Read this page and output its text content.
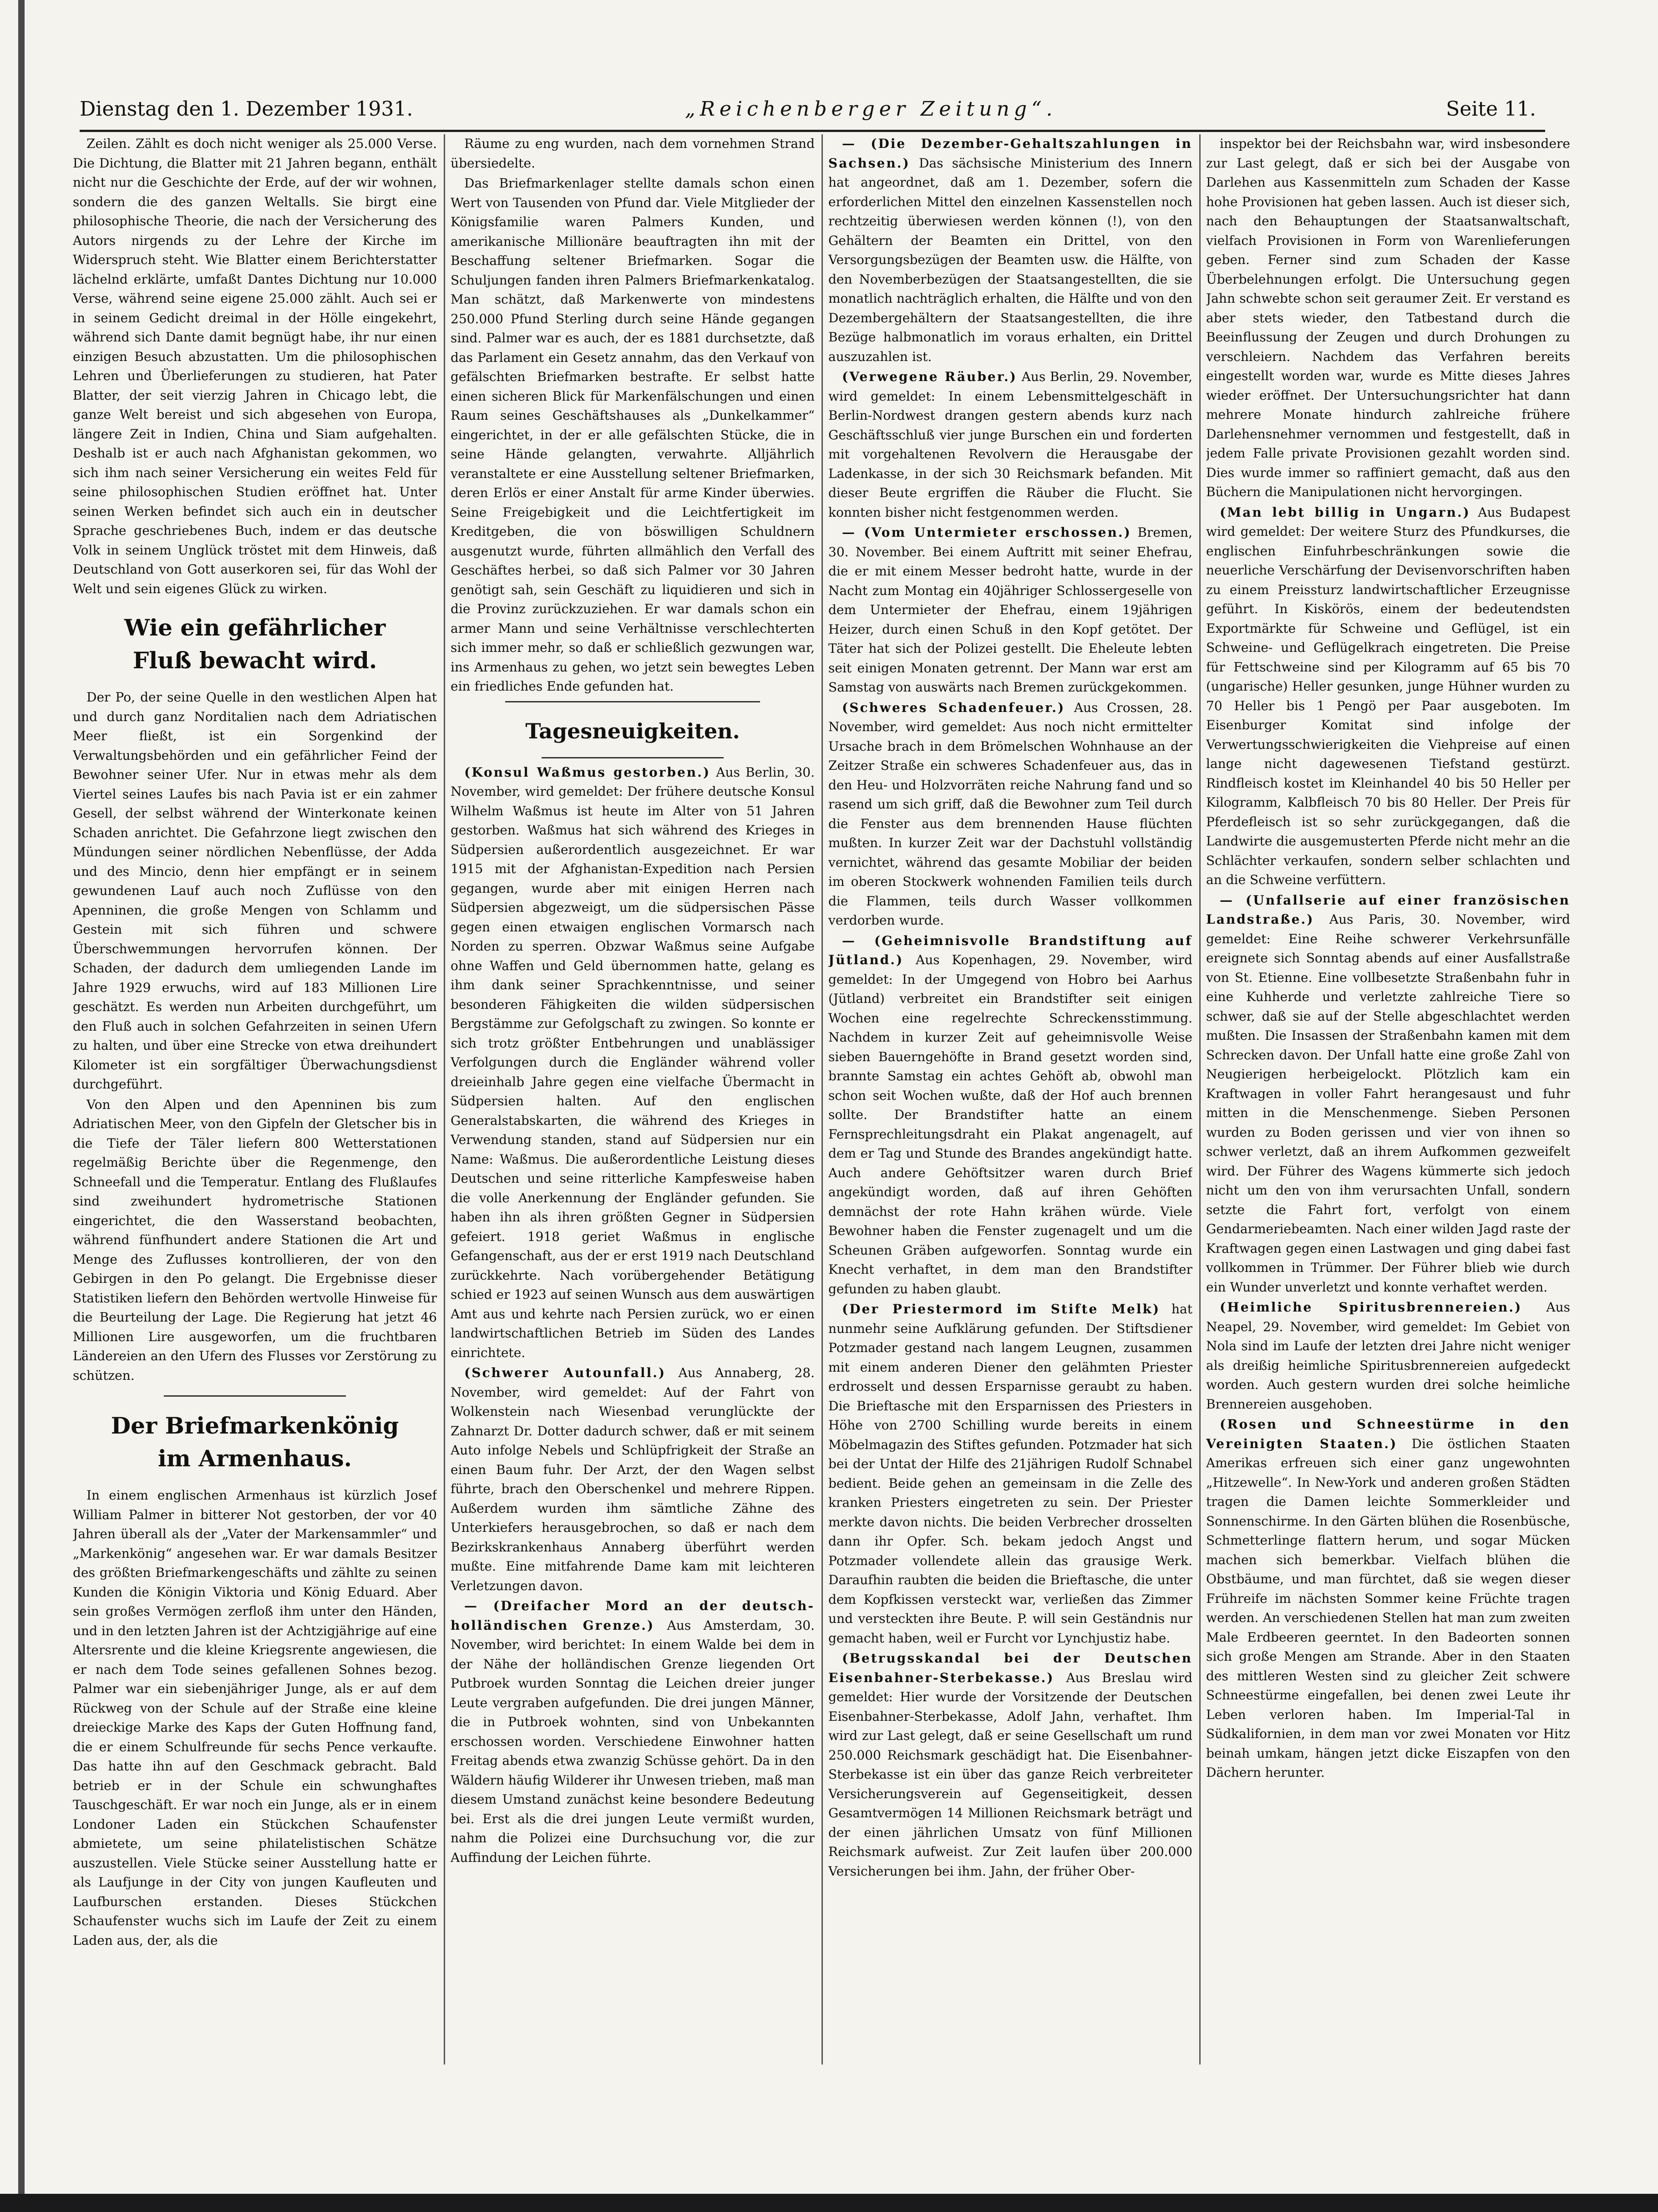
Dienstag den 1. Dezember 1931.	„Reichenberger Zeitung“.	Seite 11.

Zeilen. Zählt es doch nicht weniger als 25.000 Verse. Die Dichtung, die Blatter mit 21 Jahren begann, enthält nicht nur die Geschichte der Erde, auf der wir wohnen, sondern die des ganzen Weltalls. Sie birgt eine philosophische Theorie, die nach der Versicherung des Autors nirgends zu der Lehre der Kirche im Widerspruch steht. Wie Blatter einem Berichterstatter lächelnd erklärte, umfaßt Dantes Dichtung nur 10.000 Verse, während seine eigene 25.000 zählt. Auch sei er in seinem Gedicht dreimal in der Hölle eingekehrt, während sich Dante damit begnügt habe, ihr nur einen einzigen Besuch abzustatten. Um die philosophischen Lehren und Überlieferungen zu studieren, hat Pater Blatter, der seit vierzig Jahren in Chicago lebt, die ganze Welt bereist und sich abgesehen von Europa, längere Zeit in Indien, China und Siam aufgehalten. Deshalb ist er auch nach Afghanistan gekommen, wo sich ihm nach seiner Versicherung ein weites Feld für seine philosophischen Studien eröffnet hat. Unter seinen Werken befindet sich auch ein in deutscher Sprache geschriebenes Buch, indem er das deutsche Volk in seinem Unglück tröstet mit dem Hinweis, daß Deutschland von Gott auserkoren sei, für das Wohl der Welt und sein eigenes Glück zu wirken.

Wie ein gefährlicher
Fluß bewacht wird.

Der Po, der seine Quelle in den westlichen Alpen hat und durch ganz Norditalien nach dem Adriatischen Meer fließt, ist ein Sorgenkind der Verwaltungsbehörden und ein gefährlicher Feind der Bewohner seiner Ufer. Nur in etwas mehr als dem Viertel seines Laufes bis nach Pavia ist er ein zahmer Gesell, der selbst während der Winterkonate keinen Schaden anrichtet. Die Gefahrzone liegt zwischen den Mündungen seiner nördlichen Nebenflüsse, der Adda und des Mincio, denn hier empfängt er in seinem gewundenen Lauf auch noch Zuflüsse von den Apenninen, die große Mengen von Schlamm und Gestein mit sich führen und schwere Überschwemmungen hervorrufen können. Der Schaden, der dadurch dem umliegenden Lande im Jahre 1929 erwuchs, wird auf 183 Millionen Lire geschätzt. Es werden nun Arbeiten durchgeführt, um den Fluß auch in solchen Gefahrzeiten in seinen Ufern zu halten, und über eine Strecke von etwa dreihundert Kilometer ist ein sorgfältiger Überwachungsdienst durchgeführt.

Von den Alpen und den Apenninen bis zum Adriatischen Meer, von den Gipfeln der Gletscher bis in die Tiefe der Täler liefern 800 Wetterstationen regelmäßig Berichte über die Regenmenge, den Schneefall und die Temperatur. Entlang des Flußlaufes sind zweihundert hydrometrische Stationen eingerichtet, die den Wasserstand beobachten, während fünfhundert andere Stationen die Art und Menge des Zuflusses kontrollieren, der von den Gebirgen in den Po gelangt. Die Ergebnisse dieser Statistiken liefern den Behörden wertvolle Hinweise für die Beurteilung der Lage. Die Regierung hat jetzt 46 Millionen Lire ausgeworfen, um die fruchtbaren Ländereien an den Ufern des Flusses vor Zerstörung zu schützen.

Der Briefmarkenkönig
im Armenhaus.

In einem englischen Armenhaus ist kürzlich Josef William Palmer in bitterer Not gestorben, der vor 40 Jahren überall als der „Vater der Markensammler“ und „Markenkönig“ angesehen war. Er war damals Besitzer des größten Briefmarkengeschäfts und zählte zu seinen Kunden die Königin Viktoria und König Eduard. Aber sein großes Vermögen zerfloß ihm unter den Händen, und in den letzten Jahren ist der Achtzigjährige auf eine Altersrente und die kleine Kriegsrente angewiesen, die er nach dem Tode seines gefallenen Sohnes bezog. Palmer war ein siebenjähriger Junge, als er auf dem Rückweg von der Schule auf der Straße eine kleine dreieckige Marke des Kaps der Guten Hoffnung fand, die er einem Schulfreunde für sechs Pence verkaufte. Das hatte ihn auf den Geschmack gebracht. Bald betrieb er in der Schule ein schwunghaftes Tauschgeschäft. Er war noch ein Junge, als er in einem Londoner Laden ein Stückchen Schaufenster abmietete, um seine philatelistischen Schätze auszustellen. Viele Stücke seiner Ausstellung hatte er als Laufjunge in der City von jungen Kaufleuten und Laufburschen erstanden. Dieses Stückchen Schaufenster wuchs sich im Laufe der Zeit zu einem Laden aus, der, als die

Räume zu eng wurden, nach dem vornehmen Strand übersiedelte.

Das Briefmarkenlager stellte damals schon einen Wert von Tausenden von Pfund dar. Viele Mitglieder der Königsfamilie waren Palmers Kunden, und amerikanische Millionäre beauftragten ihn mit der Beschaffung seltener Briefmarken. Sogar die Schuljungen fanden ihren Palmers Briefmarkenkatalog. Man schätzt, daß Markenwerte von mindestens 250.000 Pfund Sterling durch seine Hände gegangen sind. Palmer war es auch, der es 1881 durchsetzte, daß das Parlament ein Gesetz annahm, das den Verkauf von gefälschten Briefmarken bestrafte. Er selbst hatte einen sicheren Blick für Markenfälschungen und einen Raum seines Geschäftshauses als „Dunkelkammer“ eingerichtet, in der er alle gefälschten Stücke, die in seine Hände gelangten, verwahrte. Alljährlich veranstaltete er eine Ausstellung seltener Briefmarken, deren Erlös er einer Anstalt für arme Kinder überwies. Seine Freigebigkeit und die Leichtfertigkeit im Kreditgeben, die von böswilligen Schuldnern ausgenutzt wurde, führten allmählich den Verfall des Geschäftes herbei, so daß sich Palmer vor 30 Jahren genötigt sah, sein Geschäft zu liquidieren und sich in die Provinz zurückzuziehen. Er war damals schon ein armer Mann und seine Verhältnisse verschlechterten sich immer mehr, so daß er schließlich gezwungen war, ins Armenhaus zu gehen, wo jetzt sein bewegtes Leben ein friedliches Ende gefunden hat.

Tagesneuigkeiten.

(Konsul Waßmus gestorben.) Aus Berlin, 30. November, wird gemeldet: Der frühere deutsche Konsul Wilhelm Waßmus ist heute im Alter von 51 Jahren gestorben. Waßmus hat sich während des Krieges in Südpersien außerordentlich ausgezeichnet. Er war 1915 mit der Afghanistan-Expedition nach Persien gegangen, wurde aber mit einigen Herren nach Südpersien abgezweigt, um die südpersischen Pässe gegen einen etwaigen englischen Vormarsch nach Norden zu sperren. Obzwar Waßmus seine Aufgabe ohne Waffen und Geld übernommen hatte, gelang es ihm dank seiner Sprachkenntnisse, und seiner besonderen Fähigkeiten die wilden südpersischen Bergstämme zur Gefolgschaft zu zwingen. So konnte er sich trotz größter Entbehrungen und unablässiger Verfolgungen durch die Engländer während voller dreieinhalb Jahre gegen eine vielfache Übermacht in Südpersien halten. Auf den englischen Generalstabskarten, die während des Krieges in Verwendung standen, stand auf Südpersien nur ein Name: Waßmus. Die außerordentliche Leistung dieses Deutschen und seine ritterliche Kampfesweise haben die volle Anerkennung der Engländer gefunden. Sie haben ihn als ihren größten Gegner in Südpersien gefeiert. 1918 geriet Waßmus in englische Gefangenschaft, aus der er erst 1919 nach Deutschland zurückkehrte. Nach vorübergehender Betätigung schied er 1923 auf seinen Wunsch aus dem auswärtigen Amt aus und kehrte nach Persien zurück, wo er einen landwirtschaftlichen Betrieb im Süden des Landes einrichtete.

(Schwerer Autounfall.) Aus Annaberg, 28. November, wird gemeldet: Auf der Fahrt von Wolkenstein nach Wiesenbad verunglückte der Zahnarzt Dr. Dotter dadurch schwer, daß er mit seinem Auto infolge Nebels und Schlüpfrigkeit der Straße an einen Baum fuhr. Der Arzt, der den Wagen selbst führte, brach den Oberschenkel und mehrere Rippen. Außerdem wurden ihm sämtliche Zähne des Unterkiefers herausgebrochen, so daß er nach dem Bezirkskrankenhaus Annaberg überführt werden mußte. Eine mitfahrende Dame kam mit leichteren Verletzungen davon.

— (Dreifacher Mord an der deutsch-holländischen Grenze.) Aus Amsterdam, 30. November, wird berichtet: In einem Walde bei dem in der Nähe der holländischen Grenze liegenden Ort Putbroek wurden Sonntag die Leichen dreier junger Leute vergraben aufgefunden. Die drei jungen Männer, die in Putbroek wohnten, sind von Unbekannten erschossen worden. Verschiedene Einwohner hatten Freitag abends etwa zwanzig Schüsse gehört. Da in den Wäldern häufig Wilderer ihr Unwesen trieben, maß man diesem Umstand zunächst keine besondere Bedeutung bei. Erst als die drei jungen Leute vermißt wurden, nahm die Polizei eine Durchsuchung vor, die zur Auffindung der Leichen führte.

— (Die Dezember-Gehaltszahlungen in Sachsen.) Das sächsische Ministerium des Innern hat angeordnet, daß am 1. Dezember, sofern die erforderlichen Mittel den einzelnen Kassenstellen noch rechtzeitig überwiesen werden können (!), von den Gehältern der Beamten ein Drittel, von den Versorgungsbezügen der Beamten usw. die Hälfte, von den Novemberbezügen der Staatsangestellten, die sie monatlich nachträglich erhalten, die Hälfte und von den Dezembergehältern der Staatsangestellten, die ihre Bezüge halbmonatlich im voraus erhalten, ein Drittel auszuzahlen ist.

(Verwegene Räuber.) Aus Berlin, 29. November, wird gemeldet: In einem Lebensmittelgeschäft in Berlin-Nordwest drangen gestern abends kurz nach Geschäftsschluß vier junge Burschen ein und forderten mit vorgehaltenen Revolvern die Herausgabe der Ladenkasse, in der sich 30 Reichsmark befanden. Mit dieser Beute ergriffen die Räuber die Flucht. Sie konnten bisher nicht festgenommen werden.

— (Vom Untermieter erschossen.) Bremen, 30. November. Bei einem Auftritt mit seiner Ehefrau, die er mit einem Messer bedroht hatte, wurde in der Nacht zum Montag ein 40jähriger Schlossergeselle von dem Untermieter der Ehefrau, einem 19jährigen Heizer, durch einen Schuß in den Kopf getötet. Der Täter hat sich der Polizei gestellt. Die Eheleute lebten seit einigen Monaten getrennt. Der Mann war erst am Samstag von auswärts nach Bremen zurückgekommen.

(Schweres Schadenfeuer.) Aus Crossen, 28. November, wird gemeldet: Aus noch nicht ermittelter Ursache brach in dem Brömelschen Wohnhause an der Zeitzer Straße ein schweres Schadenfeuer aus, das in den Heu- und Holzvorräten reiche Nahrung fand und so rasend um sich griff, daß die Bewohner zum Teil durch die Fenster aus dem brennenden Hause flüchten mußten. In kurzer Zeit war der Dachstuhl vollständig vernichtet, während das gesamte Mobiliar der beiden im oberen Stockwerk wohnenden Familien teils durch die Flammen, teils durch Wasser vollkommen verdorben wurde.

— (Geheimnisvolle Brandstiftung auf Jütland.) Aus Kopenhagen, 29. November, wird gemeldet: In der Umgegend von Hobro bei Aarhus (Jütland) verbreitet ein Brandstifter seit einigen Wochen eine regelrechte Schreckensstimmung. Nachdem in kurzer Zeit auf geheimnisvolle Weise sieben Bauerngehöfte in Brand gesetzt worden sind, brannte Samstag ein achtes Gehöft ab, obwohl man schon seit Wochen wußte, daß der Hof auch brennen sollte. Der Brandstifter hatte an einem Fernsprechleitungsdraht ein Plakat angenagelt, auf dem er Tag und Stunde des Brandes angekündigt hatte. Auch andere Gehöftsitzer waren durch Brief angekündigt worden, daß auf ihren Gehöften demnächst der rote Hahn krähen würde. Viele Bewohner haben die Fenster zugenagelt und um die Scheunen Gräben aufgeworfen. Sonntag wurde ein Knecht verhaftet, in dem man den Brandstifter gefunden zu haben glaubt.

(Der Priestermord im Stifte Melk) hat nunmehr seine Aufklärung gefunden. Der Stiftsdiener Potzmader gestand nach langem Leugnen, zusammen mit einem anderen Diener den gelähmten Priester erdrosselt und dessen Ersparnisse geraubt zu haben. Die Brieftasche mit den Ersparnissen des Priesters in Höhe von 2700 Schilling wurde bereits in einem Möbelmagazin des Stiftes gefunden. Potzmader hat sich bei der Untat der Hilfe des 21jährigen Rudolf Schnabel bedient. Beide gehen an gemeinsam in die Zelle des kranken Priesters eingetreten zu sein. Der Priester merkte davon nichts. Die beiden Verbrecher drosselten dann ihr Opfer. Sch. bekam jedoch Angst und Potzmader vollendete allein das grausige Werk. Daraufhin raubten die beiden die Brieftasche, die unter dem Kopfkissen versteckt war, verließen das Zimmer und versteckten ihre Beute. P. will sein Geständnis nur gemacht haben, weil er Furcht vor Lynchjustiz habe.

(Betrugsskandal bei der Deutschen Eisenbahner-Sterbekasse.) Aus Breslau wird gemeldet: Hier wurde der Vorsitzende der Deutschen Eisenbahner-Sterbekasse, Adolf Jahn, verhaftet. Ihm wird zur Last gelegt, daß er seine Gesellschaft um rund 250.000 Reichsmark geschädigt hat. Die Eisenbahner-Sterbekasse ist ein über das ganze Reich verbreiteter Versicherungsverein auf Gegenseitigkeit, dessen Gesamtvermögen 14 Millionen Reichsmark beträgt und der einen jährlichen Umsatz von fünf Millionen Reichsmark aufweist. Zur Zeit laufen über 200.000 Versicherungen bei ihm. Jahn, der früher Ober-

inspektor bei der Reichsbahn war, wird insbesondere zur Last gelegt, daß er sich bei der Ausgabe von Darlehen aus Kassenmitteln zum Schaden der Kasse hohe Provisionen hat geben lassen. Auch ist dieser sich, nach den Behauptungen der Staatsanwaltschaft, vielfach Provisionen in Form von Warenlieferungen geben. Ferner sind zum Schaden der Kasse Überbelehnungen erfolgt. Die Untersuchung gegen Jahn schwebte schon seit geraumer Zeit. Er verstand es aber stets wieder, den Tatbestand durch die Beeinflussung der Zeugen und durch Drohungen zu verschleiern. Nachdem das Verfahren bereits eingestellt worden war, wurde es Mitte dieses Jahres wieder eröffnet. Der Untersuchungsrichter hat dann mehrere Monate hindurch zahlreiche frühere Darlehensnehmer vernommen und festgestellt, daß in jedem Falle private Provisionen gezahlt worden sind. Dies wurde immer so raffiniert gemacht, daß aus den Büchern die Manipulationen nicht hervorgingen.

(Man lebt billig in Ungarn.) Aus Budapest wird gemeldet: Der weitere Sturz des Pfundkurses, die englischen Einfuhrbeschränkungen sowie die neuerliche Verschärfung der Devisenvorschriften haben zu einem Preissturz landwirtschaftlicher Erzeugnisse geführt. In Kiskörös, einem der bedeutendsten Exportmärkte für Schweine und Geflügel, ist ein Schweine- und Geflügelkrach eingetreten. Die Preise für Fettschweine sind per Kilogramm auf 65 bis 70 (ungarische) Heller gesunken, junge Hühner wurden zu 70 Heller bis 1 Pengö per Paar ausgeboten. Im Eisenburger Komitat sind infolge der Verwertungsschwierigkeiten die Viehpreise auf einen lange nicht dagewesenen Tiefstand gestürzt. Rindfleisch kostet im Kleinhandel 40 bis 50 Heller per Kilogramm, Kalbfleisch 70 bis 80 Heller. Der Preis für Pferdefleisch ist so sehr zurückgegangen, daß die Landwirte die ausgemusterten Pferde nicht mehr an die Schlächter verkaufen, sondern selber schlachten und an die Schweine verfüttern.

— (Unfallserie auf einer französischen Landstraße.) Aus Paris, 30. November, wird gemeldet: Eine Reihe schwerer Verkehrsunfälle ereignete sich Sonntag abends auf einer Ausfallstraße von St. Etienne. Eine vollbesetzte Straßenbahn fuhr in eine Kuhherde und verletzte zahlreiche Tiere so schwer, daß sie auf der Stelle abgeschlachtet werden mußten. Die Insassen der Straßenbahn kamen mit dem Schrecken davon. Der Unfall hatte eine große Zahl von Neugierigen herbeigelockt. Plötzlich kam ein Kraftwagen in voller Fahrt herangesaust und fuhr mitten in die Menschenmenge. Sieben Personen wurden zu Boden gerissen und vier von ihnen so schwer verletzt, daß an ihrem Aufkommen gezweifelt wird. Der Führer des Wagens kümmerte sich jedoch nicht um den von ihm verursachten Unfall, sondern setzte die Fahrt fort, verfolgt von einem Gendarmeriebeamten. Nach einer wilden Jagd raste der Kraftwagen gegen einen Lastwagen und ging dabei fast vollkommen in Trümmer. Der Führer blieb wie durch ein Wunder unverletzt und konnte verhaftet werden.

(Heimliche Spiritusbrennereien.) Aus Neapel, 29. November, wird gemeldet: Im Gebiet von Nola sind im Laufe der letzten drei Jahre nicht weniger als dreißig heimliche Spiritusbrennereien aufgedeckt worden. Auch gestern wurden drei solche heimliche Brennereien ausgehoben.

(Rosen und Schneestürme in den Vereinigten Staaten.) Die östlichen Staaten Amerikas erfreuen sich einer ganz ungewohnten „Hitzewelle“. In New-York und anderen großen Städten tragen die Damen leichte Sommerkleider und Sonnenschirme. In den Gärten blühen die Rosenbüsche, Schmetterlinge flattern herum, und sogar Mücken machen sich bemerkbar. Vielfach blühen die Obstbäume, und man fürchtet, daß sie wegen dieser Frühreife im nächsten Sommer keine Früchte tragen werden. An verschiedenen Stellen hat man zum zweiten Male Erdbeeren geerntet. In den Badeorten sonnen sich große Mengen am Strande. Aber in den Staaten des mittleren Westen sind zu gleicher Zeit schwere Schneestürme eingefallen, bei denen zwei Leute ihr Leben verloren haben. Im Imperial-Tal in Südkalifornien, in dem man vor zwei Monaten vor Hitz beinah umkam, hängen jetzt dicke Eiszapfen von den Dächern herunter.
